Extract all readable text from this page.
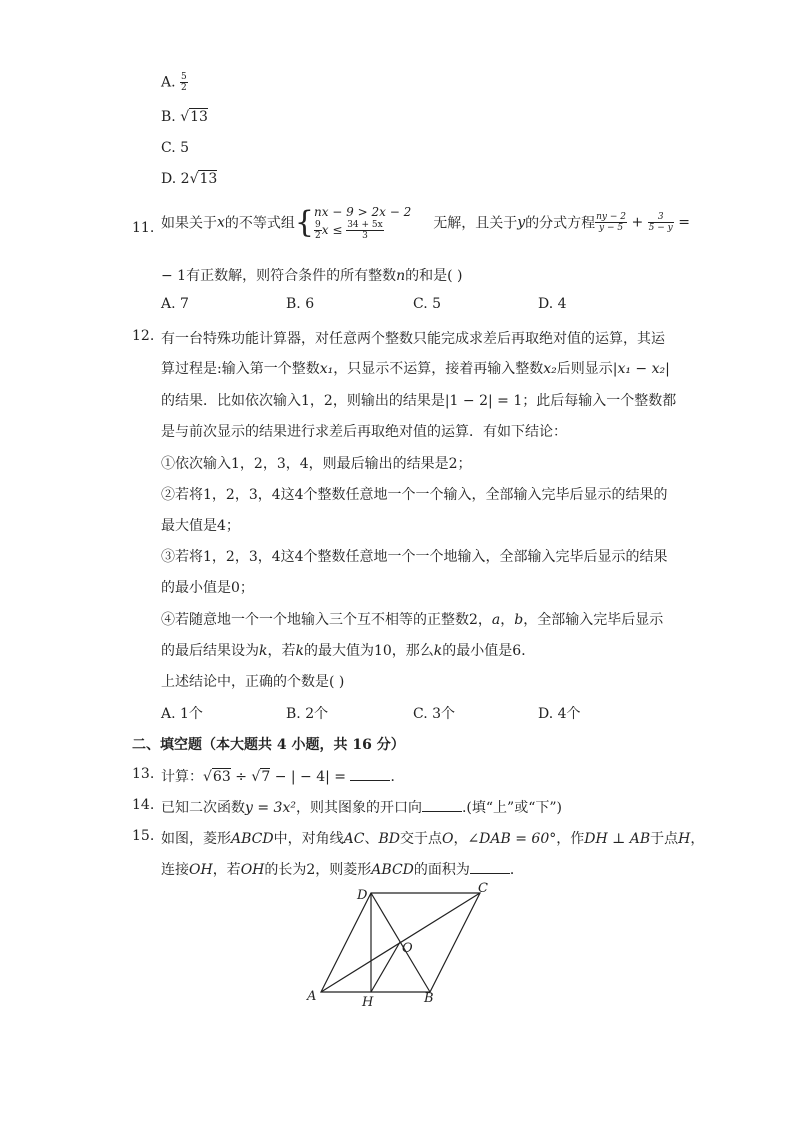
A. $\frac{5}{2}$
B. √13
C. 5
D. 2√13
11. 如果关于x的不等式组{ nx − 9 > 2x − 2
$\frac{9}{2}$ $x \le \frac{34 + 5x}{3}$	无解，且关于y的分式方程 $\frac{ny - 2}{y - 5} + \frac{3}{5 - y}$ =
− 1有正数解，则符合条件的所有整数n的和是( )
A. 7	B. 6	C. 5	D. 4
12. 有一台特殊功能计算器，对任意两个整数只能完成求差后再取绝对值的运算，其运
算过程是:输入第一个整数x₁，只显示不运算，接着再输入整数x₂后则显示|x₁ − x₂|
的结果．比如依次输入1，2，则输出的结果是|1 − 2| = 1；此后每输入一个整数都
是与前次显示的结果进行求差后再取绝对值的运算．有如下结论：
①依次输入1，2，3，4，则最后输出的结果是2；
②若将1，2，3，4这4个整数任意地一个一个输入，全部输入完毕后显示的结果的
最大值是4；
③若将1，2，3，4这4个整数任意地一个一个地输入，全部输入完毕后显示的结果
的最小值是0；
④若随意地一个一个地输入三个互不相等的正整数2，a，b，全部输入完毕后显示
的最后结果设为k，若k的最大值为10，那么k的最小值是6．
上述结论中，正确的个数是( )
A. 1个	B. 2个	C. 3个	D. 4个
二、填空题（本大题共 4 小题，共 16 分）
13. 计算：√63 ÷ √7 − | − 4| =	．
14. 已知二次函数y = 3x²，则其图象的开口向	.(填“上”或“下”)
15. 如图，菱形ABCD中，对角线AC、BD交于点O，∠DAB = 60°，作DH ⊥ AB于点H，
连接OH，若OH的长为2，则菱形ABCD的面积为	．
A	B
C
D
O
H
